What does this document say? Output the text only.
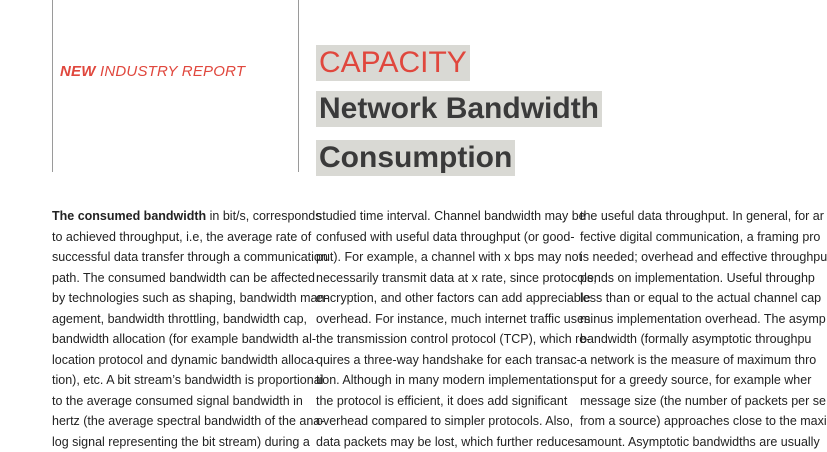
NEW INDUSTRY REPORT CAPACITY
Network Bandwidth
Consumption
The consumed bandwidth in bit/s, corresponds
to achieved throughput, i.e, the average rate of
successful data transfer through a communication
path. The consumed bandwidth can be affected
by technologies such as shaping, bandwidth man-
agement, bandwidth throttling, bandwidth cap,
bandwidth allocation (for example bandwidth al-
location protocol and dynamic bandwidth alloca-
tion), etc. A bit stream’s bandwidth is proportional
to the average consumed signal bandwidth in
hertz (the average spectral bandwidth of the ana-
log signal representing the bit stream) during a
studied time interval. Channel bandwidth may be
confused with useful data throughput (or good-
put). For example, a channel with x bps may not
necessarily transmit data at x rate, since protocols,
encryption, and other factors can add appreciable
overhead. For instance, much internet traffic uses
the transmission control protocol (TCP), which re-
quires a three-way handshake for each transac-
tion. Although in many modern implementations
the protocol is efficient, it does add significant
overhead compared to simpler protocols. Also,
data packets may be lost, which further reduces
the useful data throughput. In general, for ar
fective digital communication, a framing pro
is needed; overhead and effective throughpu
pends on implementation. Useful throughp
less than or equal to the actual channel cap
minus implementation overhead. The asymp
bandwidth (formally asymptotic throughpu
a network is the measure of maximum thro
put for a greedy source, for example wher
message size (the number of packets per se
from a source) approaches close to the maxi
amount. Asymptotic bandwidths are usually
